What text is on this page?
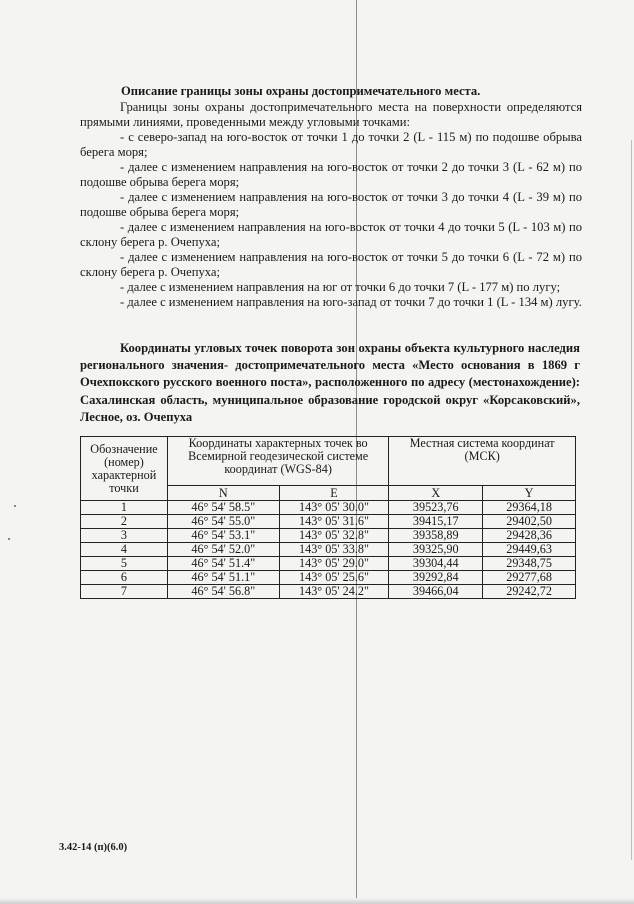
Описание границы зоны охраны достопримечательного места.

Границы зоны охраны достопримечательного места на поверхности определяются прямыми линиями, проведенными между угловыми точками:

- с северо-запад на юго-восток от точки 1 до точки 2 (L - 115 м) по подошве обрыва берега моря;

- далее с изменением направления на юго-восток от точки 2 до точки 3 (L - 62 м) по подошве обрыва берега моря;

- далее с изменением направления на юго-восток от точки 3 до точки 4 (L - 39 м) по подошве обрыва берега моря;

- далее с изменением направления на юго-восток от точки 4 до точки 5 (L - 103 м) по склону берега р. Очепуха;

- далее с изменением направления на юго-восток от точки 5 до точки 6 (L - 72 м) по склону берега р. Очепуха;

- далее с изменением направления на юг от точки 6 до точки 7 (L - 177 м) по лугу;

- далее с изменением направления на юго-запад от точки 7 до точки 1 (L - 134 м) лугу.

Координаты угловых точек поворота зон охраны объекта культурного наследия регионального значения- достопримечательного места «Место основания в 1869 г Очехпокского русского военного поста», расположенного по адресу (местонахождение): Сахалинская область, муниципальное образование городской округ «Корсаковский», Лесное, оз. Очепуха

Обозначение (номер) характерной точки	Координаты характерных точек во Всемирной геодезической системе координат (WGS-84)		Местная система координат (МСК)	
	N	E	X	Y
1	46° 54' 58.5"	143° 05' 30.0"	39523,76	29364,18
2	46° 54' 55.0"	143° 05' 31.6"	39415,17	29402,50
3	46° 54' 53.1"	143° 05' 32.8"	39358,89	29428,36
4	46° 54' 52.0"	143° 05' 33.8"	39325,90	29449,63
5	46° 54' 51.4"	143° 05' 29.0"	39304,44	29348,75
6	46° 54' 51.1"	143° 05' 25.6"	39292,84	29277,68
7	46° 54' 56.8"	143° 05' 24.2"	39466,04	29242,72

3.42-14 (п)(6.0)
